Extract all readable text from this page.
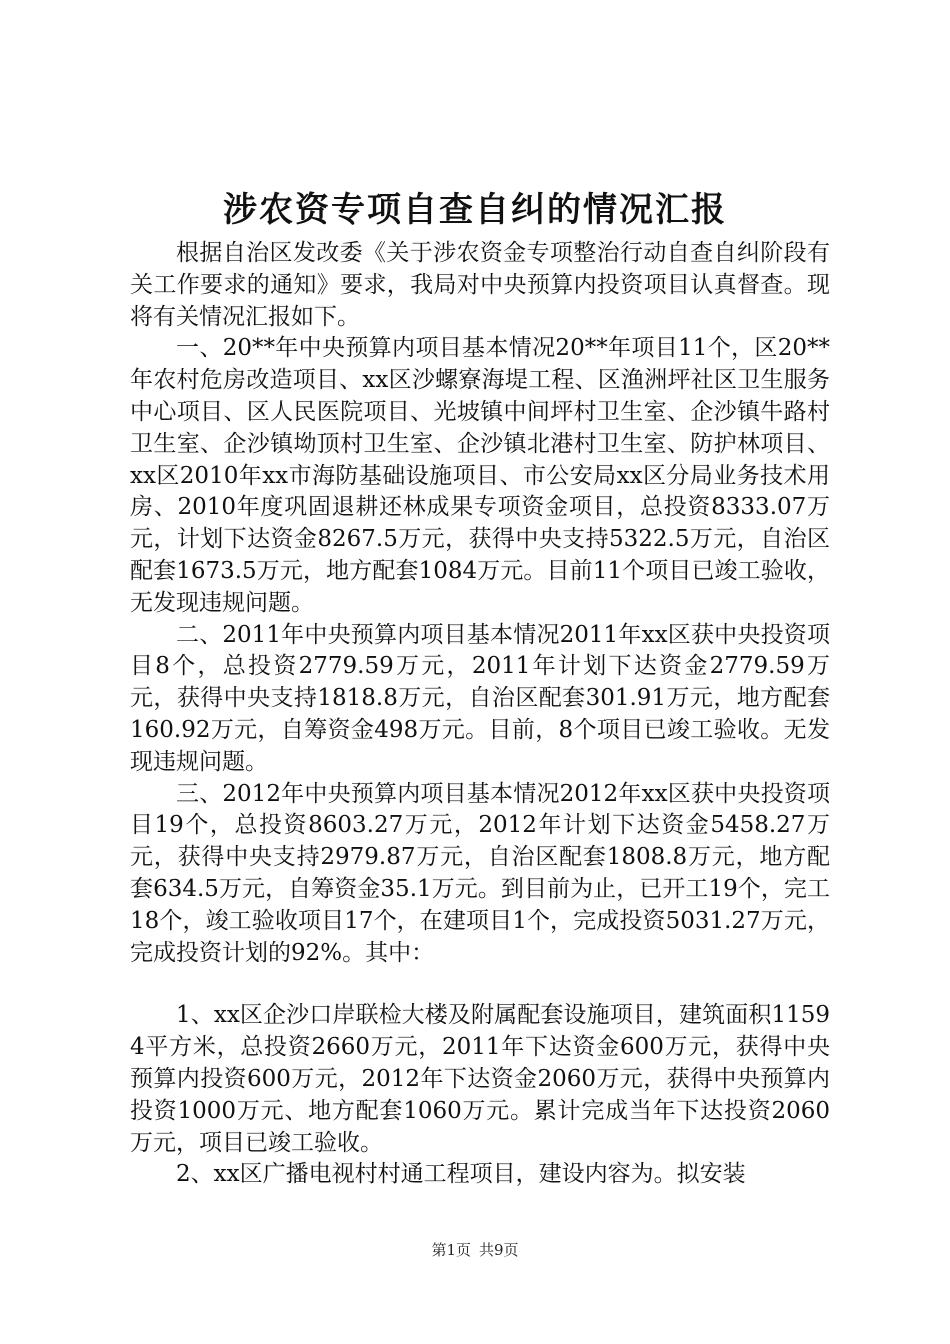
涉农资专项自查自纠的情况汇报

根据自治区发改委《关于涉农资金专项整治行动自查自纠阶段有关工作要求的通知》要求，我局对中央预算内投资项目认真督查。现将有关情况汇报如下。

一、20**年中央预算内项目基本情况20**年项目11个，区20**年农村危房改造项目、xx区沙螺寮海堤工程、区渔洲坪社区卫生服务中心项目、区人民医院项目、光坡镇中间坪村卫生室、企沙镇牛路村卫生室、企沙镇坳顶村卫生室、企沙镇北港村卫生室、防护林项目、xx区2010年xx市海防基础设施项目、市公安局xx区分局业务技术用房、2010年度巩固退耕还林成果专项资金项目，总投资8333.07万元，计划下达资金8267.5万元，获得中央支持5322.5万元，自治区配套1673.5万元，地方配套1084万元。目前11个项目已竣工验收，无发现违规问题。

二、2011年中央预算内项目基本情况2011年xx区获中央投资项目8个，总投资2779.59万元，2011年计划下达资金2779.59万元，获得中央支持1818.8万元，自治区配套301.91万元，地方配套160.92万元，自筹资金498万元。目前，8个项目已竣工验收。无发现违规问题。

三、2012年中央预算内项目基本情况2012年xx区获中央投资项目19个，总投资8603.27万元，2012年计划下达资金5458.27万元，获得中央支持2979.87万元，自治区配套1808.8万元，地方配套634.5万元，自筹资金35.1万元。到目前为止，已开工19个，完工18个，竣工验收项目17个，在建项目1个，完成投资5031.27万元，完成投资计划的92%。其中：

1、xx区企沙口岸联检大楼及附属配套设施项目，建筑面积11594平方米，总投资2660万元，2011年下达资金600万元，获得中央预算内投资600万元，2012年下达资金2060万元，获得中央预算内投资1000万元、地方配套1060万元。累计完成当年下达投资2060万元，项目已竣工验收。

2、xx区广播电视村村通工程项目，建设内容为。拟安装

第1页 共9页
